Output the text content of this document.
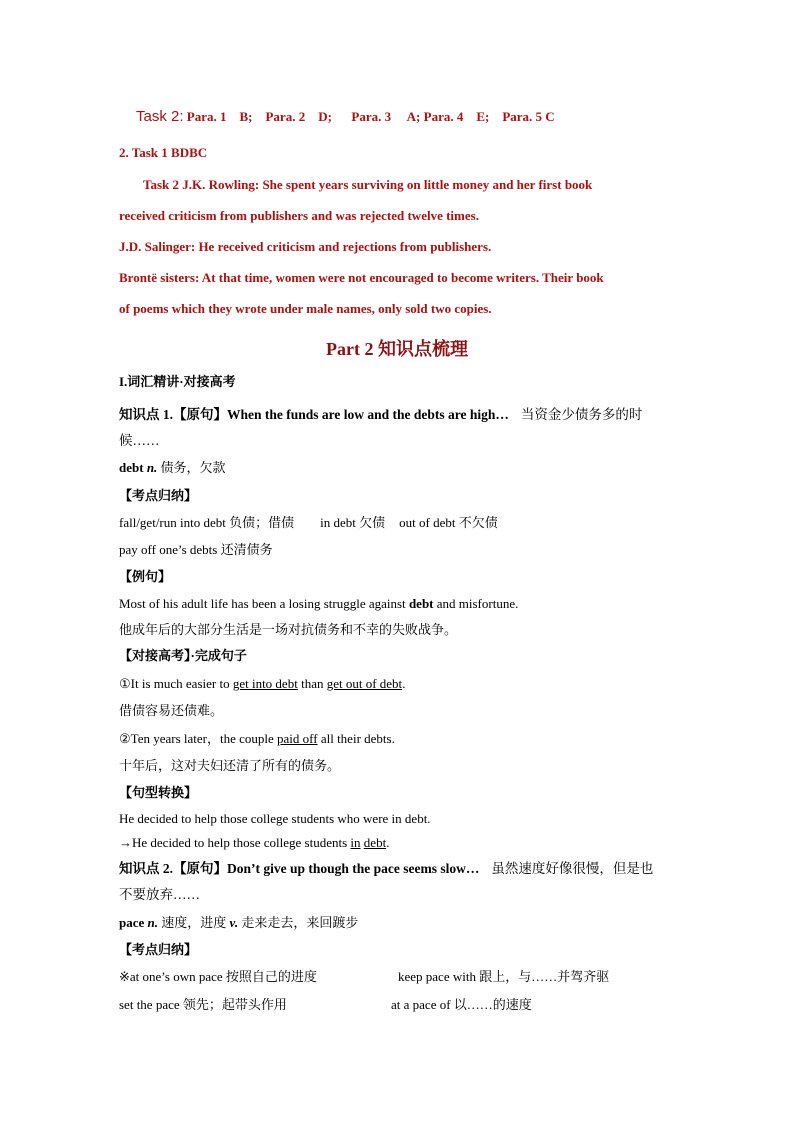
Task 2: Para. 1    B;    Para. 2    D;      Para. 3     A; Para. 4    E;    Para. 5 C
2. Task 1 BDBC
Task 2 J.K. Rowling: She spent years surviving on little money and her first book
received criticism from publishers and was rejected twelve times.
J.D. Salinger: He received criticism and rejections from publishers.
Brontë sisters: At that time, women were not encouraged to become writers. Their book
of poems which they wrote under male names, only sold two copies.
Part 2 知识点梳理
I.词汇精讲·对接高考
知识点 1.【原句】When the funds are low and the debts are high… 当资金少债务多的时
候……
debt n. 债务，欠款
【考点归纳】
fall/get/run into debt 负债；借债 in debt 欠债 out of debt 不欠债
pay off one’s debts 还清债务
【例句】
Most of his adult life has been a losing struggle against debt and misfortune.
他成年后的大部分生活是一场对抗债务和不幸的失败战争。
【对接高考】·完成句子
①It is much easier to get into debt than get out of debt.
借债容易还债难。
②Ten years later，the couple paid off all their debts.
十年后，这对夫妇还清了所有的债务。
【句型转换】
He decided to help those college students who were in debt.
→He decided to help those college students in debt.
知识点 2.【原句】Don’t give up though the pace seems slow… 虽然速度好像很慢，但是也
不要放弃……
pace n. 速度，进度 v. 走来走去，来回踱步
【考点归纳】
※at one’s own pace 按照自己的进度	keep pace with 跟上，与……并驾齐驱
set the pace 领先；起带头作用	at a pace of 以……的速度
